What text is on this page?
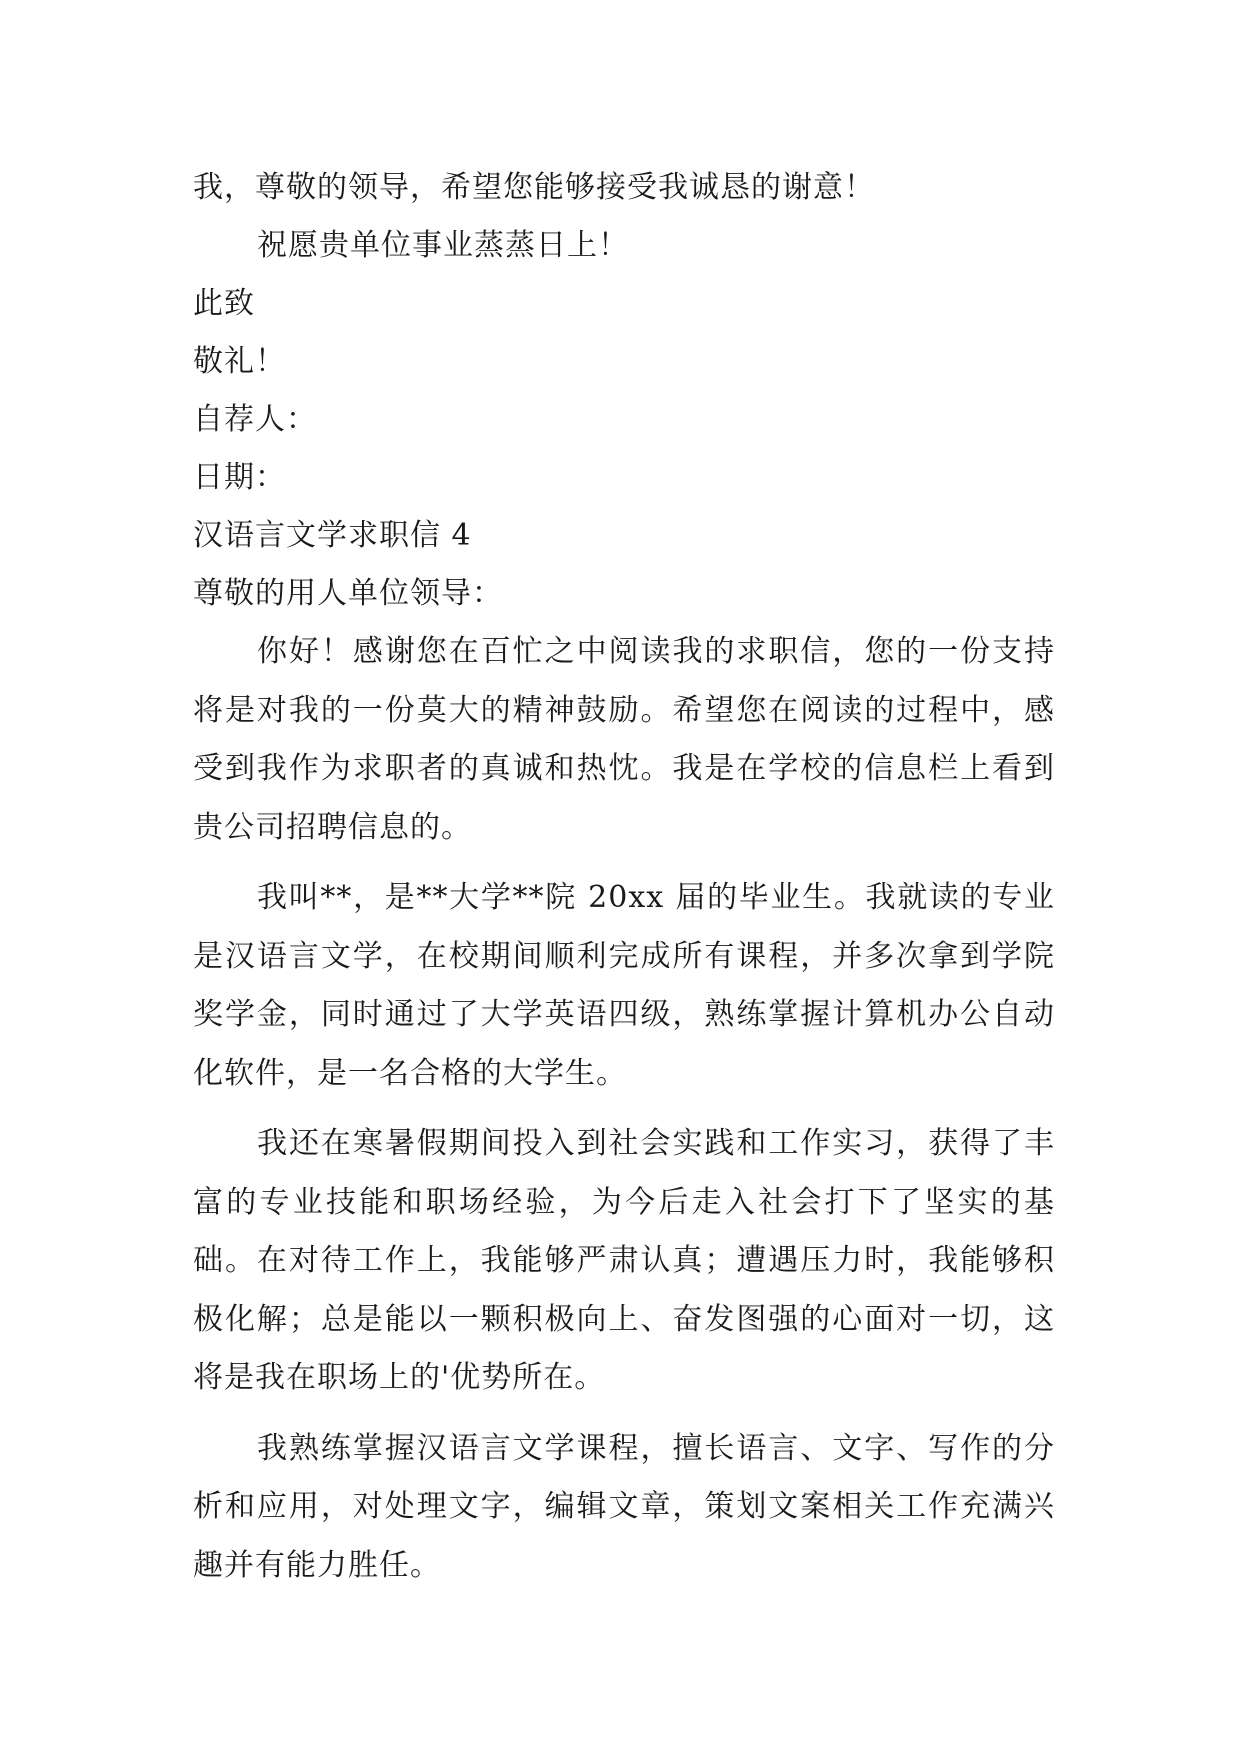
我，尊敬的领导，希望您能够接受我诚恳的谢意！

祝愿贵单位事业蒸蒸日上！

此致

敬礼！

自荐人：

日期：

汉语言文学求职信 4

尊敬的用人单位领导：

你好！感谢您在百忙之中阅读我的求职信，您的一份支持将是对我的一份莫大的精神鼓励。希望您在阅读的过程中，感受到我作为求职者的真诚和热忱。我是在学校的信息栏上看到贵公司招聘信息的。

我叫**，是**大学**院 20xx 届的毕业生。我就读的专业是汉语言文学，在校期间顺利完成所有课程，并多次拿到学院奖学金，同时通过了大学英语四级，熟练掌握计算机办公自动化软件，是一名合格的大学生。

我还在寒暑假期间投入到社会实践和工作实习，获得了丰富的专业技能和职场经验，为今后走入社会打下了坚实的基础。在对待工作上，我能够严肃认真；遭遇压力时，我能够积极化解；总是能以一颗积极向上、奋发图强的心面对一切，这将是我在职场上的'优势所在。

我熟练掌握汉语言文学课程，擅长语言、文字、写作的分析和应用，对处理文字，编辑文章，策划文案相关工作充满兴趣并有能力胜任。
